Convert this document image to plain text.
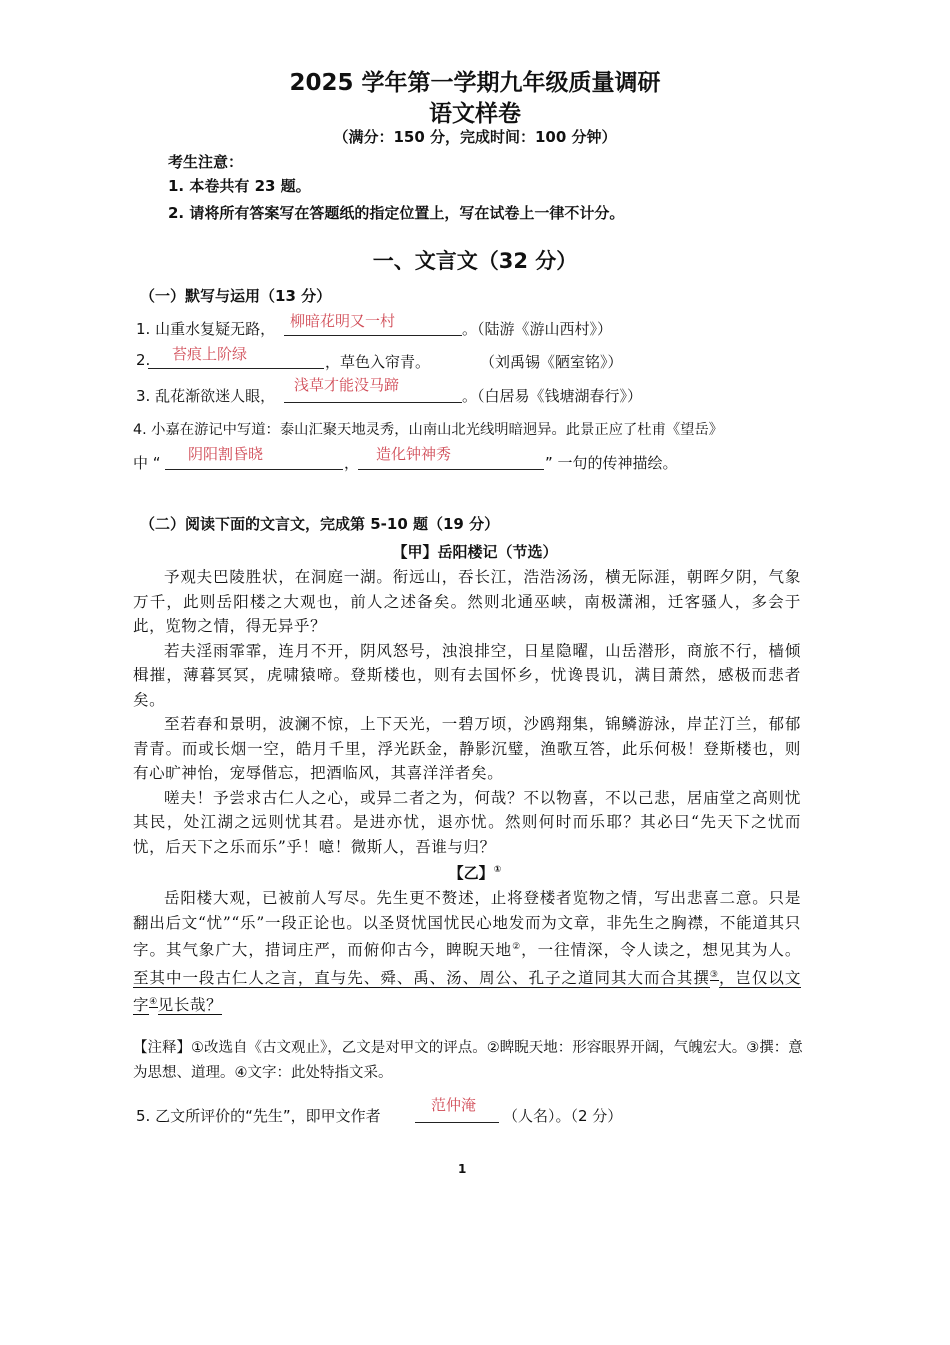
2025 学年第一学期九年级质量调研
语文样卷
（满分：150 分，完成时间：100 分钟）
考生注意：
1. 本卷共有 23 题。
2. 请将所有答案写在答题纸的指定位置上，写在试卷上一律不计分。
一、文言文（32 分）
（一）默写与运用（13 分）
1. 山重水复疑无路， 柳暗花明又一村	。（陆游《游山西村》）
2. 苔痕上阶绿	，草色入帘青。	（刘禹锡《陋室铭》）
3. 乱花渐欲迷人眼，
浅草才能没马蹄
。（白居易《钱塘湖春行》）
4. 小嘉在游记中写道：泰山汇聚天地灵秀，山南山北光线明暗迥异。此景正应了杜甫《望岳》
中 “ 阴阳割昏晓	， 造化钟神秀	” 一句的传神描绘。
（二）阅读下面的文言文，完成第 5-10 题（19 分）
【甲】岳阳楼记（节选）

予观夫巴陵胜状，在洞庭一湖。衔远山，吞长江，浩浩汤汤，横无际涯，朝晖夕阴，气象万千，此则岳阳楼之大观也，前人之述备矣。然则北通巫峡，南极潇湘，迁客骚人，多会于此，览物之情，得无异乎？

若夫淫雨霏霏，连月不开，阴风怒号，浊浪排空，日星隐曜，山岳潜形，商旅不行，樯倾楫摧，薄暮冥冥，虎啸猿啼。登斯楼也，则有去国怀乡，忧谗畏讥，满目萧然，感极而悲者矣。

至若春和景明，波澜不惊，上下天光，一碧万顷，沙鸥翔集，锦鳞游泳，岸芷汀兰，郁郁青青。而或长烟一空，皓月千里，浮光跃金，静影沉璧，渔歌互答，此乐何极！登斯楼也，则有心旷神怡，宠辱偕忘，把酒临风，其喜洋洋者矣。

嗟夫！予尝求古仁人之心，或异二者之为，何哉？不以物喜，不以己悲，居庙堂之高则忧其民，处江湖之远则忧其君。是进亦忧，退亦忧。然则何时而乐耶？其必曰“先天下之忧而忧，后天下之乐而乐”乎！噫！微斯人，吾谁与归？

【乙】①

岳阳楼大观，已被前人写尽。先生更不赘述，止将登楼者览物之情，写出悲喜二意。只是翻出后文“忧”“乐”一段正论也。以圣贤忧国忧民心地发而为文章，非先生之胸襟，不能道其只字。其气象广大，措词庄严，而俯仰古今，睥睨天地②，一往情深，令人读之，想见其为人。至其中一段古仁人之言，直与先、舜、禹、汤、周公、孔子之道同其大而合其撰③，岂仅以文字④见长哉？

【注释】①改选自《古文观止》，乙文是对甲文的评点。②睥睨天地：形容眼界开阔，气魄宏大。③撰：意为思想、道理。④文字：此处特指文采。
5. 乙文所评价的“先生”，即甲文作者
范仲淹
（人名）。（2 分）
1
